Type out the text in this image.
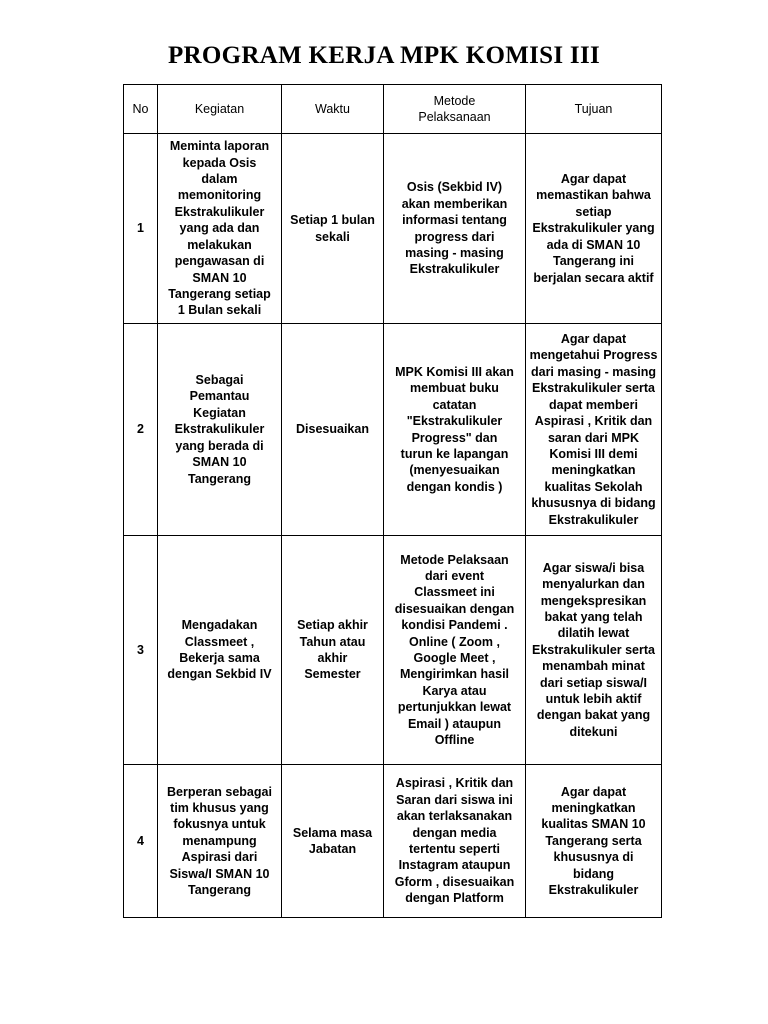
PROGRAM KERJA MPK KOMISI III
No	Kegiatan	Waktu	Metode Pelaksanaan	Tujuan
1	Meminta laporan kepada Osis dalam memonitoring Ekstrakulikuler yang ada dan melakukan pengawasan di SMAN 10 Tangerang setiap 1 Bulan sekali	Setiap 1 bulan sekali	Osis (Sekbid IV) akan memberikan informasi tentang progress dari masing - masing Ekstrakulikuler	Agar dapat memastikan bahwa setiap Ekstrakulikuler yang ada di SMAN 10 Tangerang ini berjalan secara aktif

2	Sebagai Pemantau Kegiatan Ekstrakulikuler yang berada di SMAN 10 Tangerang	Disesuaikan	MPK Komisi III akan membuat buku catatan "Ekstrakulikuler Progress" dan turun ke lapangan (menyesuaikan dengan kondis )	Agar dapat mengetahui Progress dari masing - masing Ekstrakulikuler serta dapat memberi Aspirasi , Kritik dan saran dari MPK Komisi III demi meningkatkan kualitas Sekolah khususnya di bidang Ekstrakulikuler

3	Mengadakan Classmeet , Bekerja sama dengan Sekbid IV	Setiap akhir Tahun atau akhir Semester	Metode Pelaksaan dari event Classmeet ini disesuaikan dengan kondisi Pandemi . Online ( Zoom , Google Meet , Mengirimkan hasil Karya atau pertunjukkan lewat Email ) ataupun Offline	Agar siswa/i bisa menyalurkan dan mengekspresikan bakat yang telah dilatih lewat Ekstrakulikuler serta menambah minat dari setiap siswa/I untuk lebih aktif dengan bakat yang ditekuni

4	Berperan sebagai tim khusus yang fokusnya untuk menampung Aspirasi dari Siswa/I SMAN 10 Tangerang	Selama masa Jabatan	Aspirasi , Kritik dan Saran dari siswa ini akan terlaksanakan dengan media tertentu seperti Instagram ataupun Gform , disesuaikan dengan Platform	Agar dapat meningkatkan kualitas SMAN 10 Tangerang serta khususnya di bidang Ekstrakulikuler
